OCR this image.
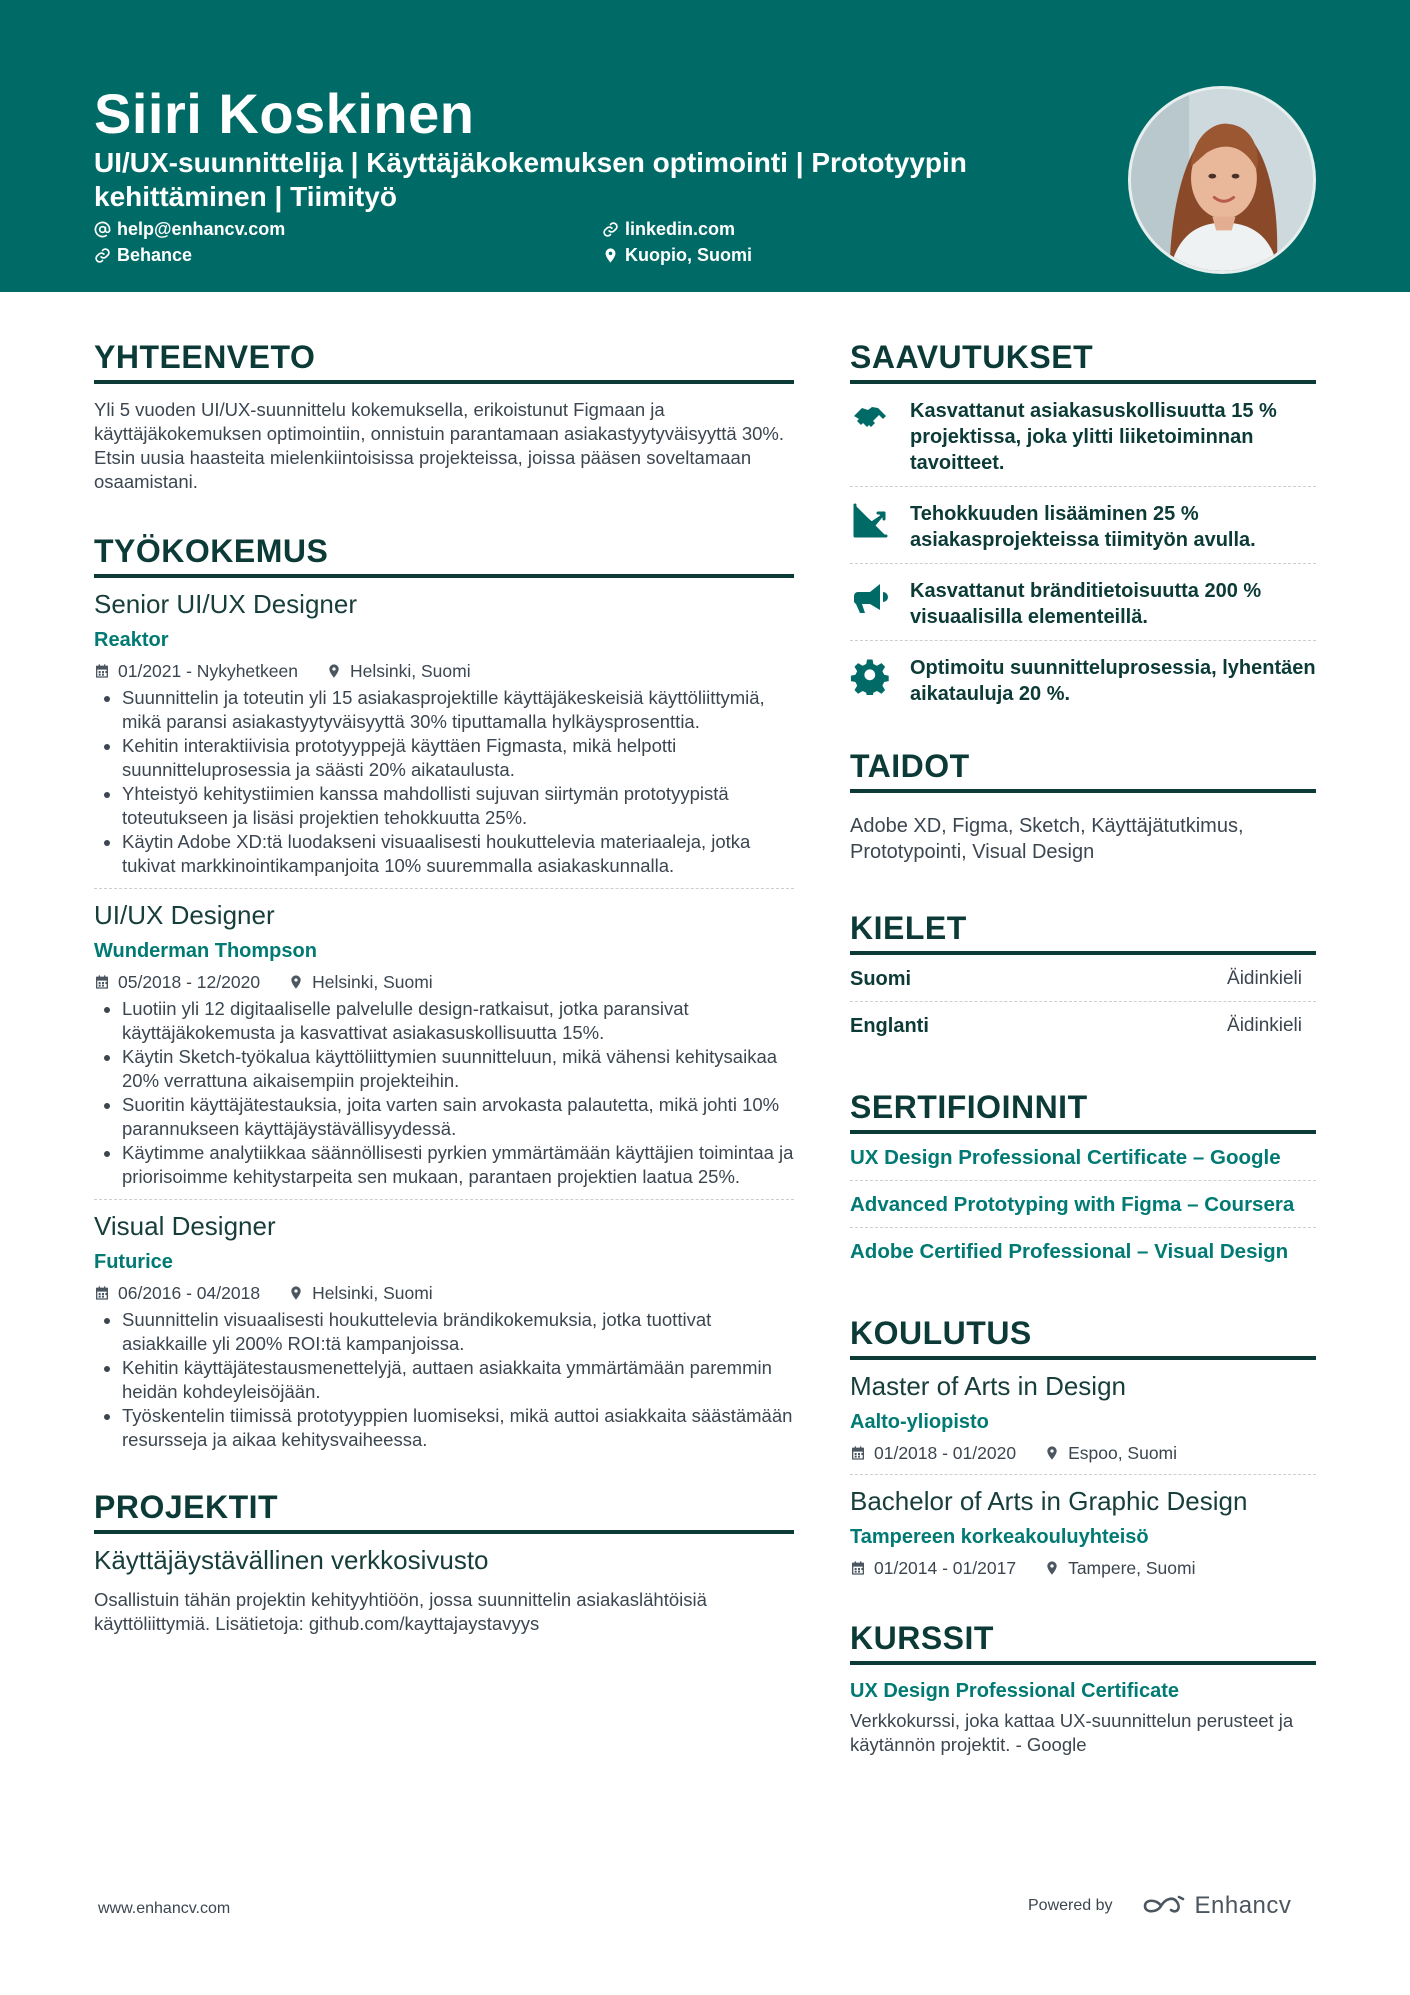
Siiri Koskinen
UI/UX-suunnittelija | Käyttäjäkokemuksen optimointi | Prototyypin kehittäminen | Tiimityö
help@enhancv.com	linkedin.com
Behance	Kuopio, Suomi
YHTEENVETO
Yli 5 vuoden UI/UX-suunnittelu kokemuksella, erikoistunut Figmaan ja käyttäjäkokemuksen optimointiin, onnistuin parantamaan asiakastyytyväisyyttä 30%. Etsin uusia haasteita mielenkiintoisissa projekteissa, joissa pääsen soveltamaan osaamistani.
TYÖKOKEMUS
Senior UI/UX Designer
Reaktor
01/2021 - Nykyhetkeen	Helsinki, Suomi
• Suunnittelin ja toteutin yli 15 asiakasprojektille käyttäjäkeskeisiä käyttöliittymiä, mikä paransi asiakastyytyväisyyttä 30% tiputtamalla hylkäysprosenttia.
• Kehitin interaktiivisia prototyyppejä käyttäen Figmasta, mikä helpotti suunnitteluprosessia ja säästi 20% aikataulusta.
• Yhteistyö kehitystiimien kanssa mahdollisti sujuvan siirtymän prototyypistä toteutukseen ja lisäsi projektien tehokkuutta 25%.
• Käytin Adobe XD:tä luodakseni visuaalisesti houkuttelevia materiaaleja, jotka tukivat markkinointikampanjoita 10% suuremmalla asiakaskunnalla.
UI/UX Designer
Wunderman Thompson
05/2018 - 12/2020	Helsinki, Suomi
• Luotiin yli 12 digitaaliselle palvelulle design-ratkaisut, jotka paransivat käyttäjäkokemusta ja kasvattivat asiakasuskollisuutta 15%.
• Käytin Sketch-työkalua käyttöliittymien suunnitteluun, mikä vähensi kehitysaikaa 20% verrattuna aikaisempiin projekteihin.
• Suoritin käyttäjätestauksia, joita varten sain arvokasta palautetta, mikä johti 10% parannukseen käyttäjäystävällisyydessä.
• Käytimme analytiikkaa säännöllisesti pyrkien ymmärtämään käyttäjien toimintaa ja priorisoimme kehitystarpeita sen mukaan, parantaen projektien laatua 25%.
Visual Designer
Futurice
06/2016 - 04/2018	Helsinki, Suomi
• Suunnittelin visuaalisesti houkuttelevia brändikokemuksia, jotka tuottivat asiakkaille yli 200% ROI:tä kampanjoissa.
• Kehitin käyttäjätestausmenettelyjä, auttaen asiakkaita ymmärtämään paremmin heidän kohdeyleisöjään.
• Työskentelin tiimissä prototyyppien luomiseksi, mikä auttoi asiakkaita säästämään resursseja ja aikaa kehitysvaiheessa.
PROJEKTIT
Käyttäjäystävällinen verkkosivusto
Osallistuin tähän projektin kehityyhtiöön, jossa suunnittelin asiakaslähtöisiä käyttöliittymiä. Lisätietoja: github.com/kayttajaystavyys
SAAVUTUKSET
Kasvattanut asiakasuskollisuutta 15 % projektissa, joka ylitti liiketoiminnan tavoitteet.
Tehokkuuden lisääminen 25 % asiakasprojekteissa tiimityön avulla.
Kasvattanut bränditietoisuutta 200 % visuaalisilla elementeillä.
Optimoitu suunnitteluprosessia, lyhentäen aikatauluja 20 %.
TAIDOT
Adobe XD, Figma, Sketch, Käyttäjätutkimus, Prototypointi, Visual Design
KIELET
Suomi	Äidinkieli
Englanti	Äidinkieli
SERTIFIOINNIT
UX Design Professional Certificate – Google
Advanced Prototyping with Figma – Coursera
Adobe Certified Professional – Visual Design
KOULUTUS
Master of Arts in Design
Aalto-yliopisto
01/2018 - 01/2020	Espoo, Suomi
Bachelor of Arts in Graphic Design
Tampereen korkeakouluyhteisö
01/2014 - 01/2017	Tampere, Suomi
KURSSIT
UX Design Professional Certificate
Verkkokurssi, joka kattaa UX-suunnittelun perusteet ja käytännön projektit. - Google
www.enhancv.com	Powered by	Enhancv
